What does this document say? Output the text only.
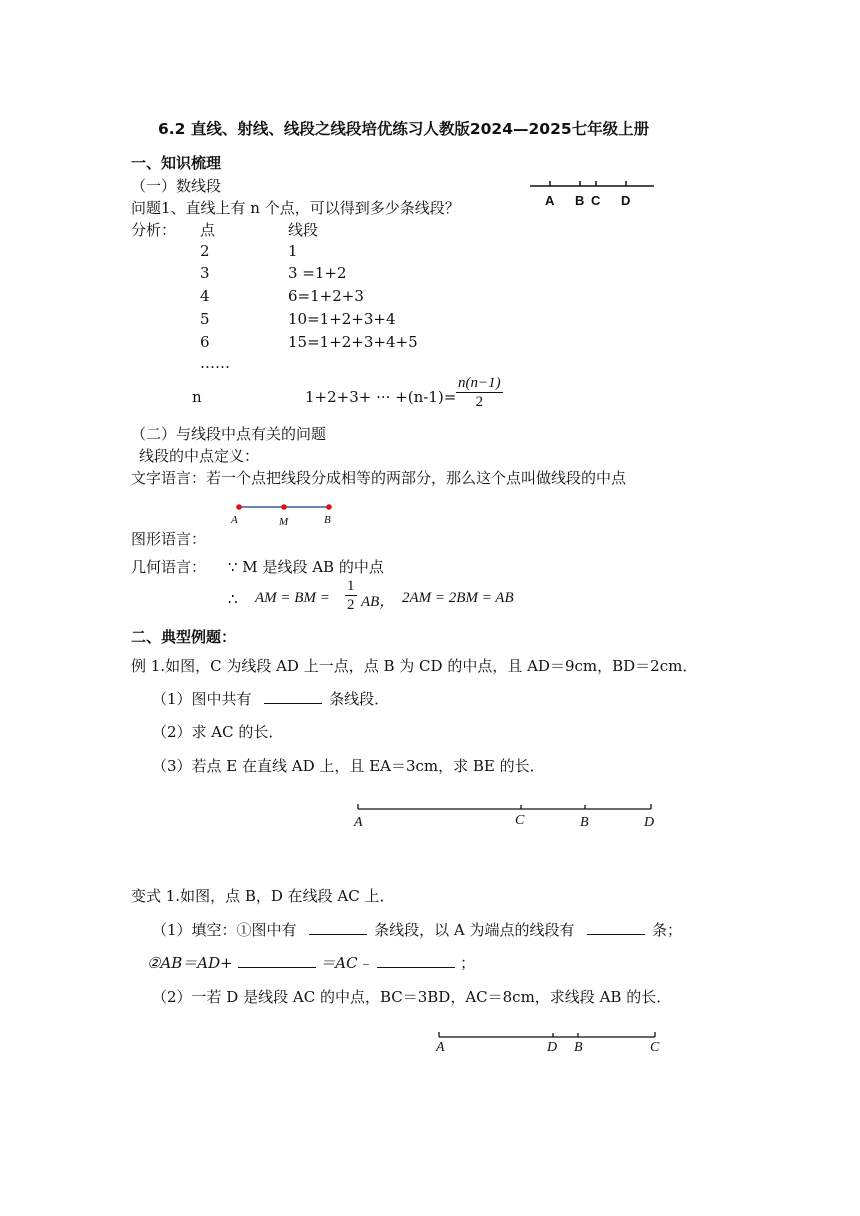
6.2 直线、射线、线段之线段培优练习人教版2024—2025七年级上册
一、知识梳理
（一）数线段
问题1、直线上有 n 个点，可以得到多少条线段？	A B C D
分析： 点	线段
2	1
3	3 =1+2
4	6=1+2+3
5	10=1+2+3+4
6	15=1+2+3+4+5
……
n	1+2+3+ ··· $+(n-1)= \frac{n(n-1)}{2}$
（二）与线段中点有关的问题
线段的中点定义：
文字语言：若一个点把线段分成相等的两部分，那么这个点叫做线段的中点
A	M	B
图形语言：
几何语言： ∵ M 是线段 AB 的中点
∴ AM = BM = $\frac{1}{2}$ AB， 2AM = 2BM = AB
二、典型例题：
例 1.如图，C 为线段 AD 上一点，点 B 为 CD 的中点，且 AD＝9cm，BD＝2cm．
（1）图中共有	条线段．
（2）求 AC 的长．
（3）若点 E 在直线 AD 上，且 EA＝3cm，求 BE 的长．
A	C	B	D
变式 1.如图，点 B，D 在线段 AC 上．
（1）填空：①图中有	条线段，以 A 为端点的线段有	条；
②AB＝AD+	＝AC﹣	；
（2）一若 D 是线段 AC 的中点，BC＝3BD，AC＝8cm，求线段 AB 的长．
A	D B	C
